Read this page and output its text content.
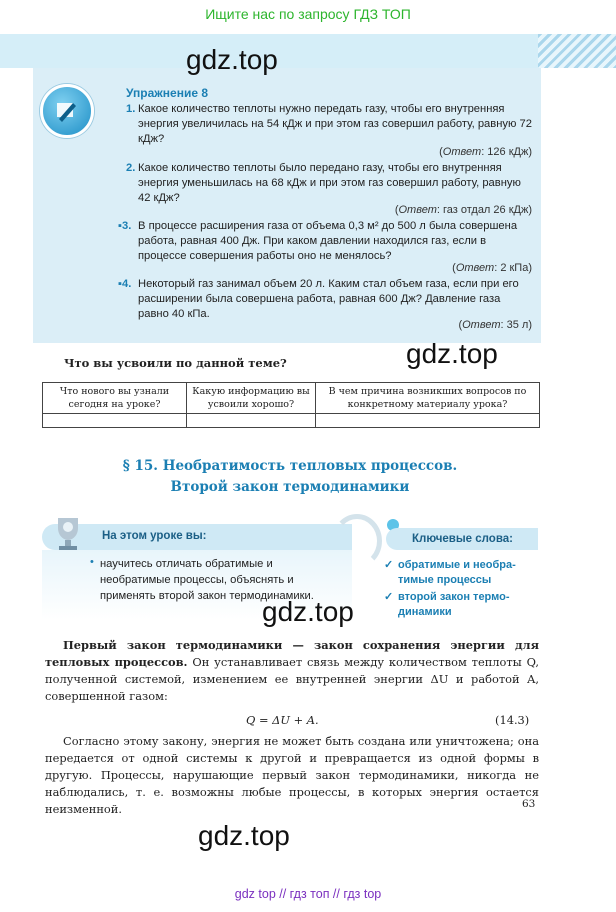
Ищите нас по запросу ГДЗ ТОП
gdz.top
Упражнение 8
1. Какое количество теплоты нужно передать газу, чтобы его внутренняя энергия увеличилась на 54 кДж и при этом газ совершил работу, равную 72 кДж?
(Ответ: 126 кДж)
2. Какое количество теплоты было передано газу, чтобы его внутренняя энергия уменьшилась на 68 кДж и при этом газ совершил работу, равную 42 кДж?
(Ответ: газ отдал 26 кДж)
▪3. В процессе расширения газа от объема 0,3 м² до 500 л была совершена работа, равная 400 Дж. При каком давлении находился газ, если в процессе совершения работы оно не менялось?
(Ответ: 2 кПа)
▪4. Некоторый газ занимал объем 20 л. Каким стал объем газа, если при его расширении была совершена работа, равная 600 Дж? Давление газа равно 40 кПа.
(Ответ: 35 л)
gdz.top
Что вы усвоили по данной теме?
Что нового вы узнали сегодня на уроке?	Какую информацию вы усвоили хорошо?	В чем причина возникших вопросов по конкретному материалу урока?

§ 15. Необратимость тепловых процессов.
Второй закон термодинамики
На этом уроке вы:
• научитесь отличать обратимые и необратимые процессы, объяснять и применять второй закон термодинамики.
Ключевые слова:
✓ обратимые и необра-тимые процессы
✓ второй закон термо-динамики
gdz.top
Первый закон термодинамики — закон сохранения энергии для тепловых процессов. Он устанавливает связь между количеством теплоты Q, полученной системой, изменением ее внутренней энергии ΔU и работой A, совершенной газом:
Q = ΔU + A.	(14.3)
Согласно этому закону, энергия не может быть создана или уничтожена; она передается от одной системы к другой и превращается из одной формы в другую. Процессы, нарушающие первый закон термодинамики, никогда не наблюдались, т. е. возможны любые процессы, в которых энергия остается неизменной.	63
gdz.top
gdz top // гдз топ // гдз top
